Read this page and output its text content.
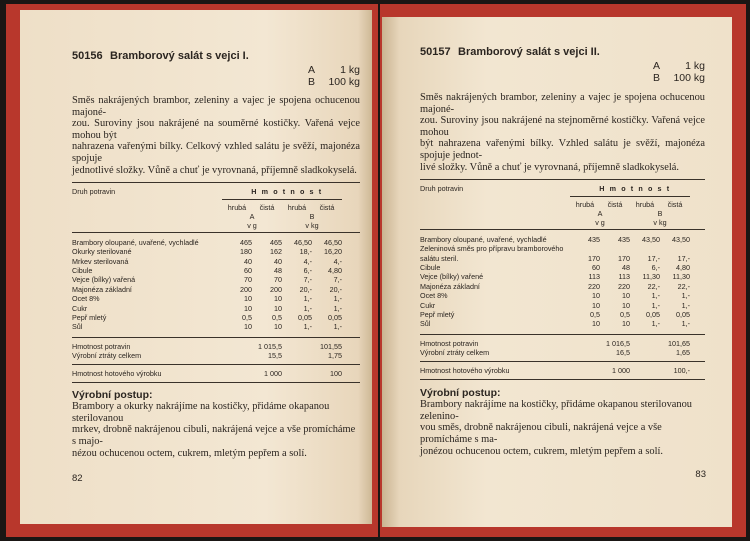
50156 Bramborový salát s vejci I.
A 1 kg
B 100 kg
Směs nakrájených brambor, zeleniny a vajec je spojena ochucenou majoné-
zou. Suroviny jsou nakrájené na souměrné kostičky. Vařená vejce mohou být
nahrazena vařenými bílky. Celkový vzhled salátu je svěží, majonéza spojuje
jednotlivé složky. Vůně a chuť je vyrovnaná, příjemně sladkokyselá.
Druh potravin	H m o t n o s t
hrubá	čistá	hrubá	čistá
A	B
v g	v kg
Brambory oloupané, uvařené, vychladlé	465	465	46,50	46,50
Okurky sterilované	180	162	18,-	16,20
Mrkev sterilovaná	40	40	4,-	4,-
Cibule	60	48	6,-	4,80
Vejce (bílky) vařená	70	70	7,-	7,-
Majonéza základní	200	200	20,-	20,-
Ocet 8%	10	10	1,-	1,-
Cukr	10	10	1,-	1,-
Pepř mletý	0,5	0,5	0,05	0,05
Sůl	10	10	1,-	1,-
Hmotnost potravin	1 015,5	101,55
Výrobní ztráty celkem	15,5	1,75
Hmotnost hotového výrobku	1 000	100
Výrobní postup:
Brambory a okurky nakrájíme na kostičky, přidáme okapanou sterilovanou
mrkev, drobně nakrájenou cibuli, nakrájená vejce a vše promícháme s majo-
nézou ochucenou octem, cukrem, mletým pepřem a solí.
82
50157 Bramborový salát s vejci II.
A 1 kg
B 100 kg
Směs nakrájených brambor, zeleniny a vajec je spojena ochucenou majoné-
zou. Suroviny jsou nakrájené na stejnoměrné kostičky. Vařená vejce mohou
být nahrazena vařenými bílky. Vzhled salátu je svěží, majonéza spojuje jednot-
livé složky. Vůně a chuť je vyrovnaná, příjemně sladkokyselá.
Druh potravin	H m o t n o s t
hrubá	čistá	hrubá	čistá
A	B
v g	v kg
Brambory oloupané, uvařené, vychladlé	435	435	43,50	43,50
Zeleninová směs pro přípravu bramborového
salátu steril.	170	170	17,-	17,-
Cibule	60	48	6,-	4,80
Vejce (bílky) vařené	113	113	11,30	11,30
Majonéza základní	220	220	22,-	22,-
Ocet 8%	10	10	1,-	1,-
Cukr	10	10	1,-	1,-
Pepř mletý	0,5	0,5	0,05	0,05
Sůl	10	10	1,-	1,-
Hmotnost potravin	1 016,5	101,65
Výrobní ztráty celkem	16,5	1,65
Hmotnost hotového výrobku	1 000	100,-
Výrobní postup:
Brambory nakrájíme na kostičky, přidáme okapanou sterilovanou zelenino-
vou směs, drobně nakrájenou cibuli, nakrájená vejce a vše promícháme s ma-
jonézou ochucenou octem, cukrem, mletým pepřem a solí.
83
